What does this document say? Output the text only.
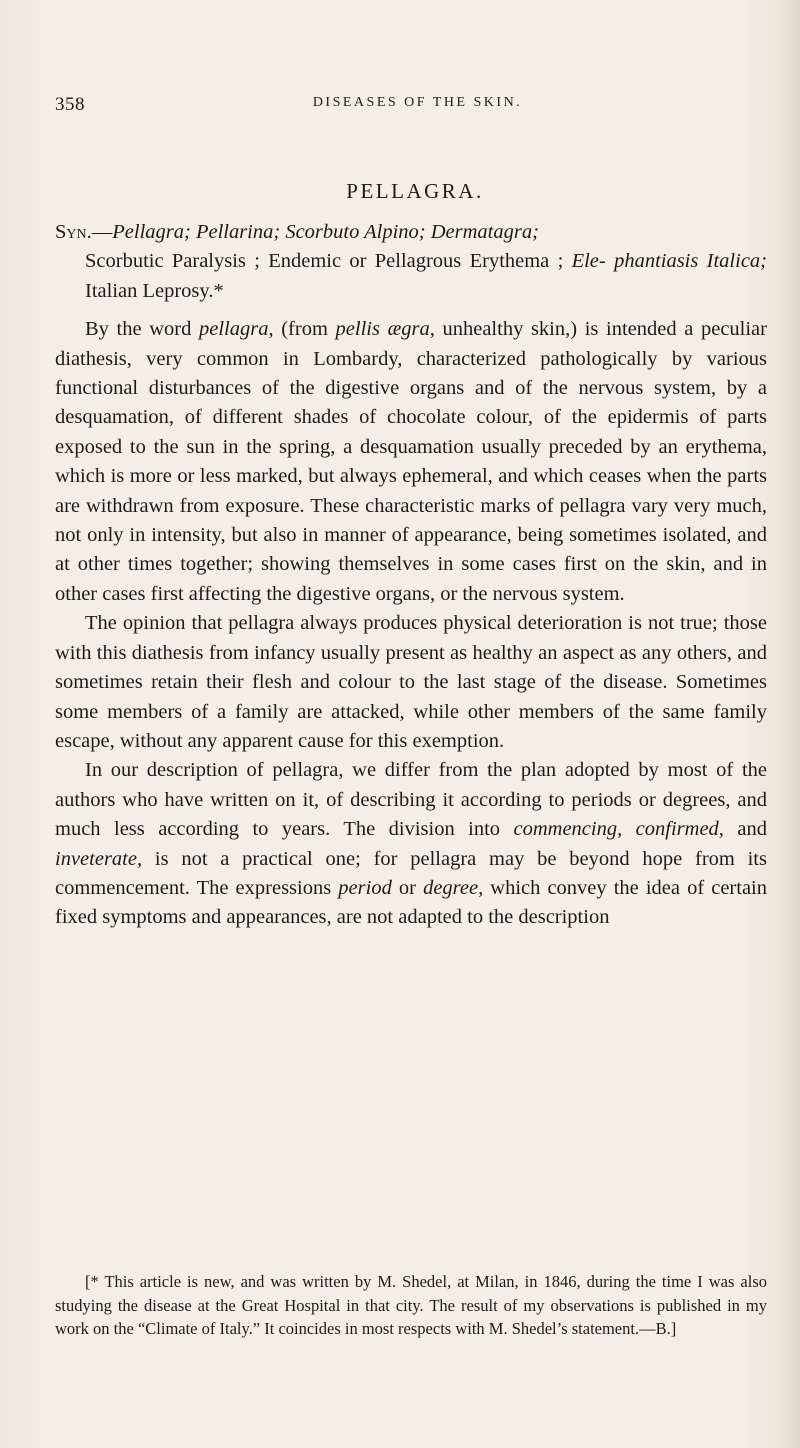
358	DISEASES OF THE SKIN.
PELLAGRA.

Syn.—Pellagra; Pellarina; Scorbuto Alpino; Dermatagra;
Scorbutic Paralysis ; Endemic or Pellagrous Erythema ; Ele- phantiasis Italica; Italian Leprosy.*

By the word pellagra, (from pellis ægra, unhealthy skin,) is intended a peculiar diathesis, very common in Lombardy, characterized pathologically by various functional disturbances of the digestive organs and of the nervous system, by a desquamation, of different shades of chocolate colour, of the epidermis of parts exposed to the sun in the spring, a desquamation usually preceded by an erythema, which is more or less marked, but always ephemeral, and which ceases when the parts are withdrawn from exposure. These characteristic marks of pellagra vary very much, not only in intensity, but also in manner of appearance, being sometimes isolated, and at other times together; showing themselves in some cases first on the skin, and in other cases first affecting the digestive organs, or the nervous system.

The opinion that pellagra always produces physical deterioration is not true; those with this diathesis from infancy usually present as healthy an aspect as any others, and sometimes retain their flesh and colour to the last stage of the disease. Sometimes some members of a family are attacked, while other members of the same family escape, without any apparent cause for this exemption.

In our description of pellagra, we differ from the plan adopted by most of the authors who have written on it, of describing it according to periods or degrees, and much less according to years. The division into commencing, confirmed, and inveterate, is not a practical one; for pellagra may be beyond hope from its commencement. The expressions period or degree, which convey the idea of certain fixed symptoms and appearances, are not adapted to the description

[* This article is new, and was written by M. Shedel, at Milan, in 1846, during the time I was also studying the disease at the Great Hospital in that city. The result of my observations is published in my work on the “Climate of Italy.” It coincides in most respects with M. Shedel’s statement.—B.]
